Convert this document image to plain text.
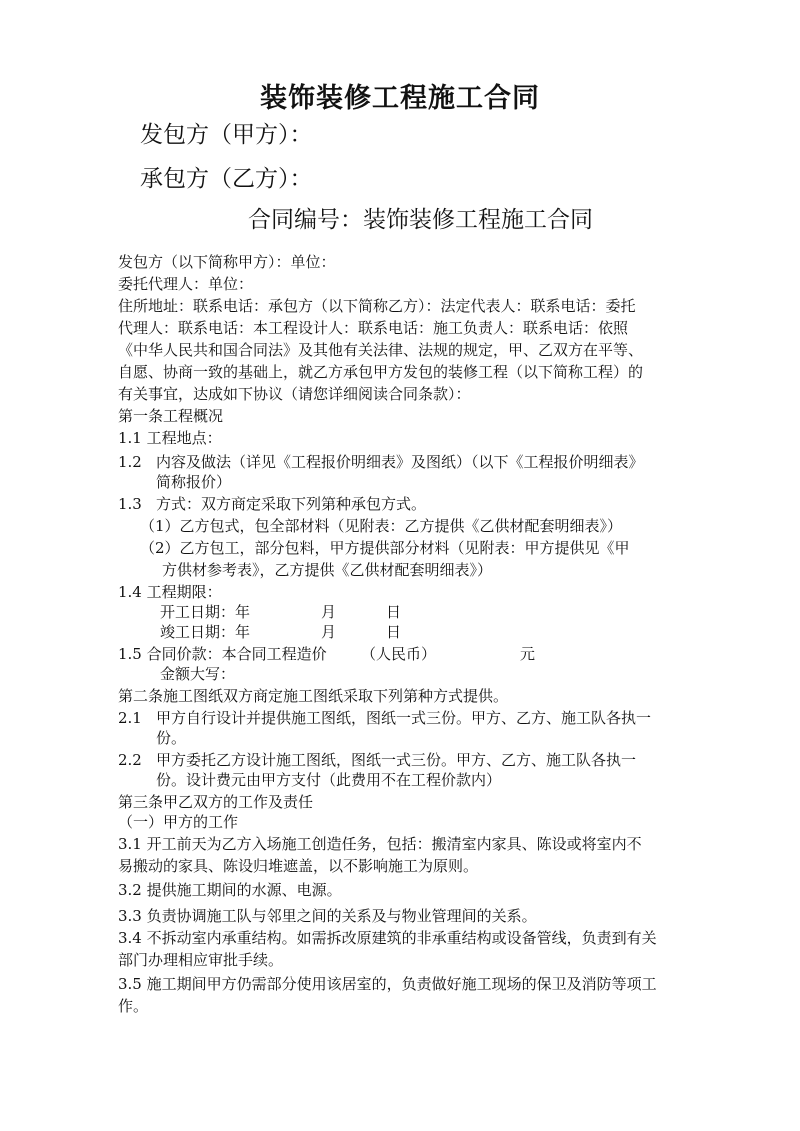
装饰装修工程施工合同
发包方（甲方）：
承包方（乙方）：
合同编号：装饰装修工程施工合同
发包方（以下简称甲方）：单位：
委托代理人：单位：
住所地址：联系电话：承包方（以下简称乙方）：法定代表人：联系电话：委托
代理人：联系电话：本工程设计人：联系电话：施工负责人：联系电话：依照
《中华人民共和国合同法》及其他有关法律、法规的规定，甲、乙双方在平等、
自愿、协商一致的基础上，就乙方承包甲方发包的装修工程（以下简称工程）的
有关事宜，达成如下协议（请您详细阅读合同条款）：
第一条工程概况
1.1 工程地点：
1.2 内容及做法（详见《工程报价明细表》及图纸）（以下《工程报价明细表》
简称报价）
1.3 方式：双方商定采取下列第种承包方式。
（1）乙方包式，包全部材料（见附表：乙方提供《乙供材配套明细表》）
（2）乙方包工，部分包料，甲方提供部分材料（见附表：甲方提供见《甲
方供材参考表》，乙方提供《乙供材配套明细表》）
1.4 工程期限：
开工日期：年	月	日
竣工日期：年	月	日
1.5 合同价款：本合同工程造价 （人民币）	元
金额大写：
第二条施工图纸双方商定施工图纸采取下列第种方式提供。
2.1 甲方自行设计并提供施工图纸，图纸一式三份。甲方、乙方、施工队各执一
份。
2.2 甲方委托乙方设计施工图纸，图纸一式三份。甲方、乙方、施工队各执一
份。设计费元由甲方支付（此费用不在工程价款内）
第三条甲乙双方的工作及责任
（一）甲方的工作
3.1 开工前天为乙方入场施工创造任务，包括：搬清室内家具、陈设或将室内不
易搬动的家具、陈设归堆遮盖，以不影响施工为原则。
3.2 提供施工期间的水源、电源。
3.3 负责协调施工队与邻里之间的关系及与物业管理间的关系。
3.4 不拆动室内承重结构。如需拆改原建筑的非承重结构或设备管线，负责到有关
部门办理相应审批手续。
3.5 施工期间甲方仍需部分使用该居室的，负责做好施工现场的保卫及消防等项工
作。
